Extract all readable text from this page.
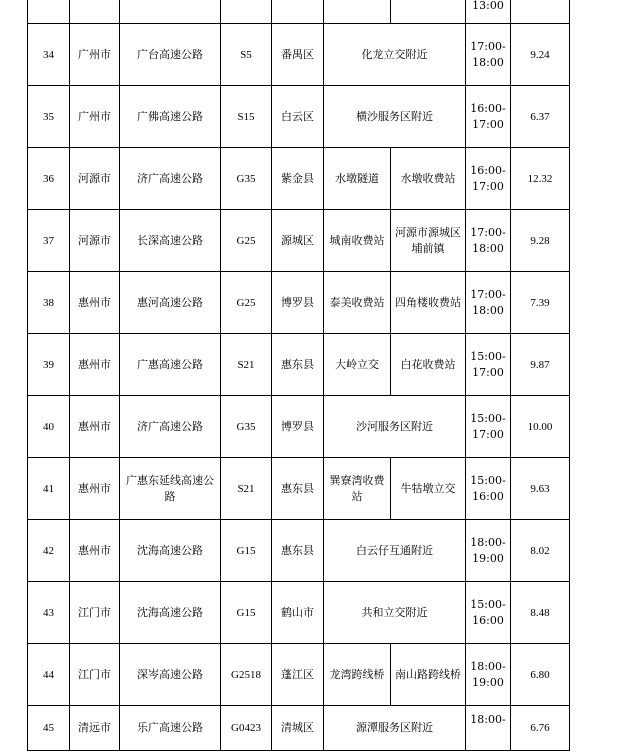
							13:00	

34	广州市	广台高速公路	S5	番禺区	化龙立交附近		17:00-
18:00	9.24
35	广州市	广佛高速公路	S15	白云区	横沙服务区附近		16:00-
17:00	6.37
36	河源市	济广高速公路	G35	紫金县	水墩隧道	水墩收费站	16:00-
17:00	12.32
37	河源市	长深高速公路	G25	源城区	城南收费站	河源市源城区埔前镇	17:00-
18:00	9.28
38	惠州市	惠河高速公路	G25	博罗县	泰美收费站	四角楼收费站	17:00-
18:00	7.39
39	惠州市	广惠高速公路	S21	惠东县	大岭立交	白花收费站	15:00-
17:00	9.87
40	惠州市	济广高速公路	G35	博罗县	沙河服务区附近		15:00-
17:00	10.00
41	惠州市	广惠东延线高速公路	S21	惠东县	巽寮湾收费站	牛牯墩立交	15:00-
16:00	9.63
42	惠州市	沈海高速公路	G15	惠东县	白云仔互通附近		18:00-
19:00	8.02
43	江门市	沈海高速公路	G15	鹤山市	共和立交附近		15:00-
16:00	8.48
44	江门市	深岑高速公路	G2518	蓬江区	龙湾跨线桥	南山路跨线桥	18:00-
19:00	6.80
45	清远市	乐广高速公路	G0423	清城区	源潭服务区附近		18:00-	6.76
